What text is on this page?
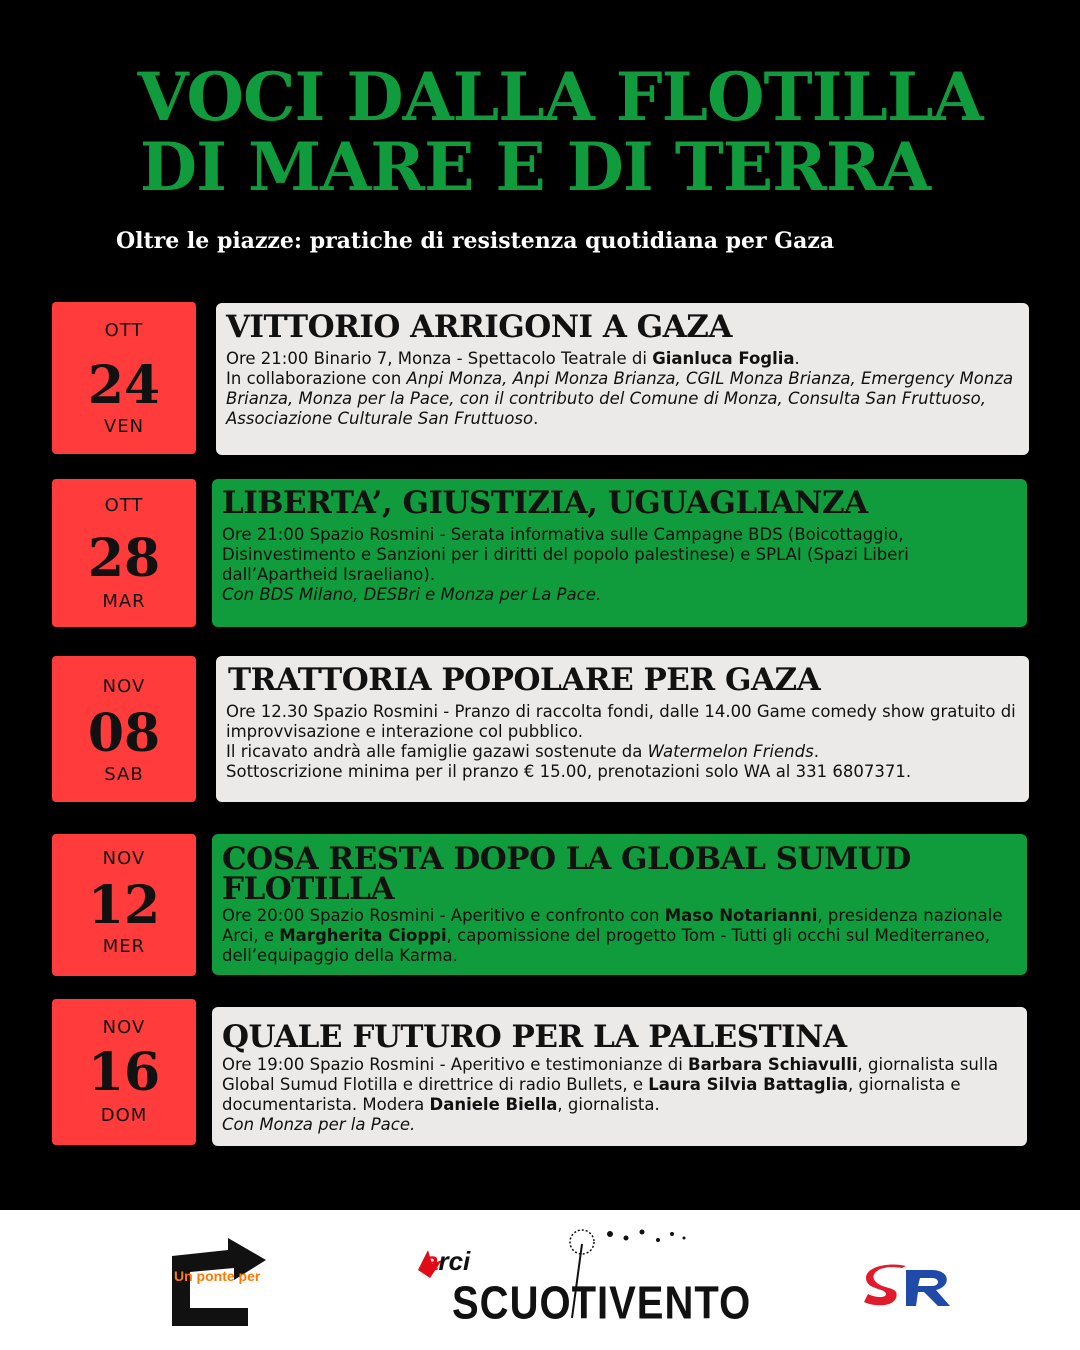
VOCI DALLA FLOTILLA
DI MARE E DI TERRA
Oltre le piazze: pratiche di resistenza quotidiana per Gaza
OTT
24
VEN
VITTORIO ARRIGONI A GAZA

Ore 21:00 Binario 7, Monza - Spettacolo Teatrale di Gianluca Foglia.
In collaborazione con Anpi Monza, Anpi Monza Brianza, CGIL Monza Brianza, Emergency Monza Brianza, Monza per la Pace, con il contributo del Comune di Monza, Consulta San Fruttuoso, Associazione Culturale San Fruttuoso.

OTT
28
MAR
LIBERTA’, GIUSTIZIA, UGUAGLIANZA

Ore 21:00 Spazio Rosmini - Serata informativa sulle Campagne BDS (Boicottaggio, Disinvestimento e Sanzioni per i diritti del popolo palestinese) e SPLAI (Spazi Liberi dall’Apartheid Israeliano).
Con BDS Milano, DESBri e Monza per La Pace.

NOV
08
SAB
TRATTORIA POPOLARE PER GAZA

Ore 12.30 Spazio Rosmini - Pranzo di raccolta fondi, dalle 14.00 Game comedy show gratuito di improvvisazione e interazione col pubblico.
Il ricavato andrà alle famiglie gazawi sostenute da Watermelon Friends.
Sottoscrizione minima per il pranzo € 15.00, prenotazioni solo WA al 331 6807371.

NOV
12
MER
COSA RESTA DOPO LA GLOBAL SUMUD FLOTILLA

Ore 20:00 Spazio Rosmini - Aperitivo e confronto con Maso Notarianni, presidenza nazionale Arci, e Margherita Cioppi, capomissione del progetto Tom - Tutti gli occhi sul Mediterraneo, dell’equipaggio della Karma.

NOV
16
DOM
QUALE FUTURO PER LA PALESTINA

Ore 19:00 Spazio Rosmini - Aperitivo e testimonianze di Barbara Schiavulli, giornalista sulla Global Sumud Flotilla e direttrice di radio Bullets, e Laura Silvia Battaglia, giornalista e documentarista. Modera Daniele Biella, giornalista.
Con Monza per la Pace.

Un ponte per	arci
SCUOTIVENTO
